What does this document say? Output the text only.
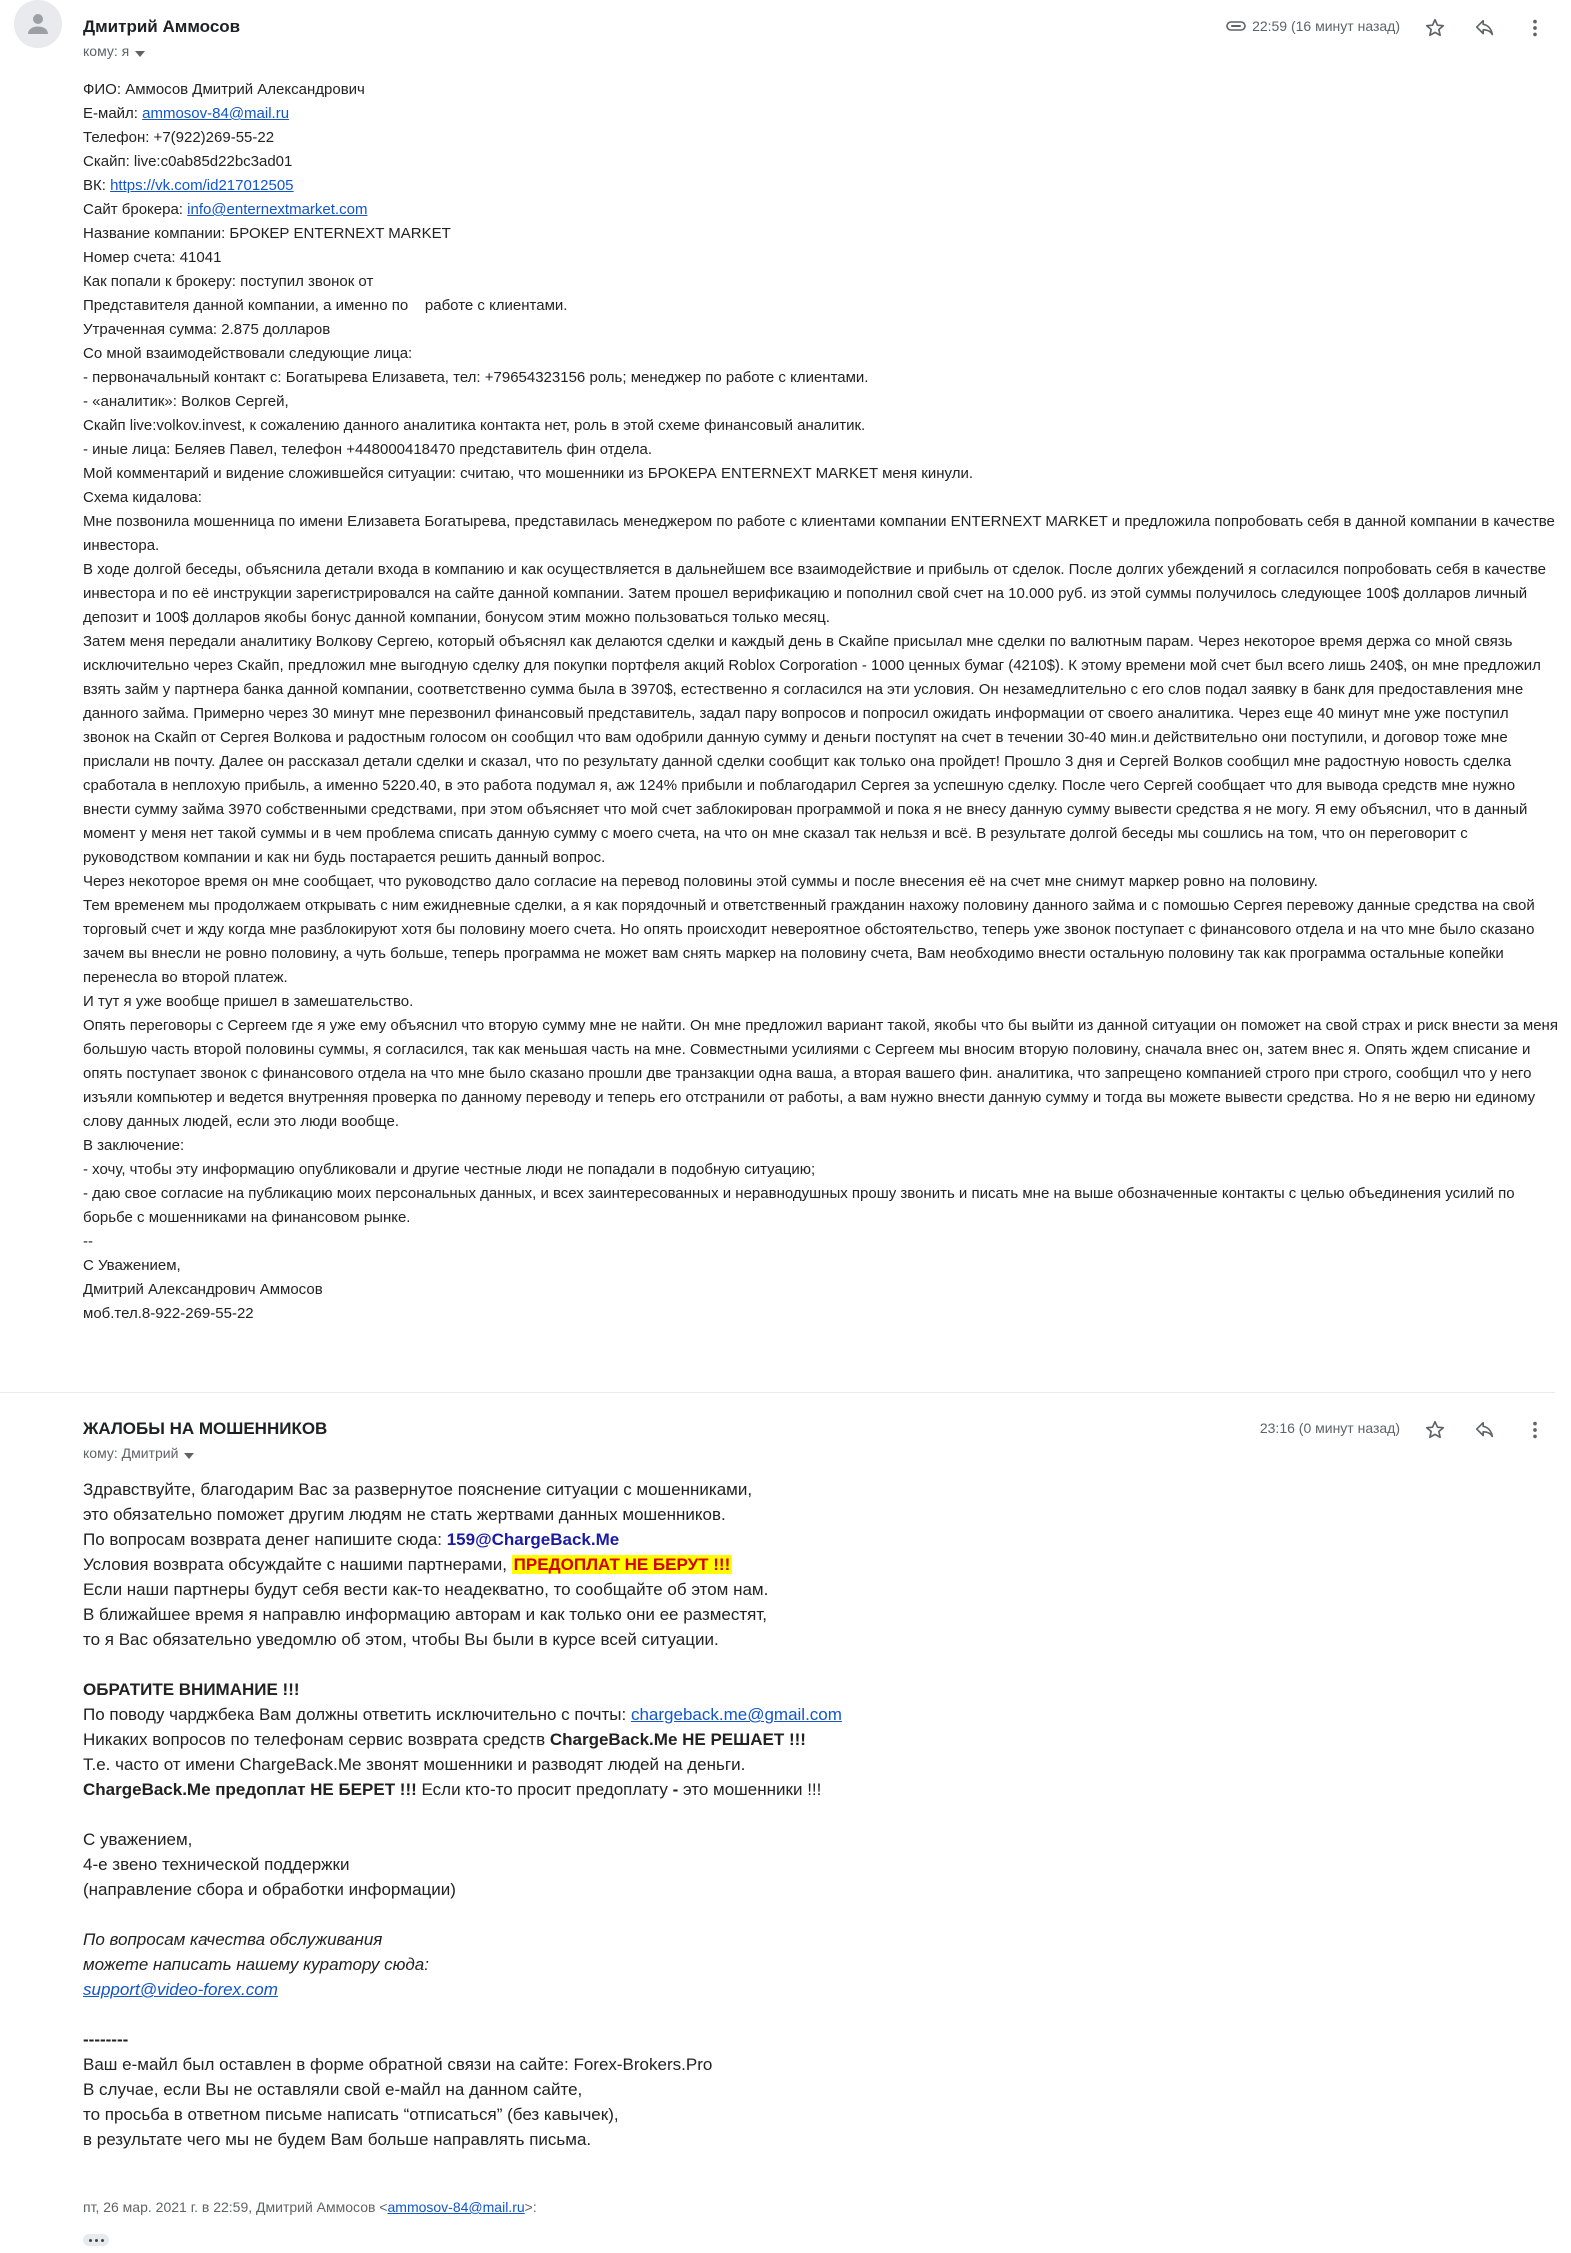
Дмитрий Аммосов
кому: я
22:59 (16 минут назад)

ФИО: Аммосов Дмитрий Александрович

Е-майл: ammosov-84@mail.ru

Телефон: +7(922)269-55-22

Скайп: live:c0ab85d22bc3ad01

ВК: https://vk.com/id217012505

Сайт брокера: info@enternextmarket.com

Название компании: БРОКЕР ENTERNEXT MARKET

Номер счета: 41041

Как попали к брокеру: поступил звонок от

Представителя данной компании, а именно по    работе с клиентами.

Утраченная сумма: 2.875 долларов

Со мной взаимодействовали следующие лица:

- первоначальный контакт с: Богатырева Елизавета, тел: +79654323156 роль; менеджер по работе с клиентами.

- «аналитик»: Волков Сергей,

Скайп live:volkov.invest, к сожалению данного аналитика контакта нет, роль в этой схеме финансовый аналитик.

- иные лица: Беляев Павел, телефон +448000418470 представитель фин отдела.

Мой комментарий и видение сложившейся ситуации: считаю, что мошенники из БРОКЕРА ENTERNEXT MARKET меня кинули.

Схема кидалова:

Мне позвонила мошенница по имени Елизавета Богатырева, представилась менеджером по работе с клиентами компании ENTERNEXT MARKET и предложила попробовать себя в данной компании в качестве инвестора.

В ходе долгой беседы, объяснила детали входа в компанию и как осуществляется в дальнейшем все взаимодействие и прибыль от сделок. После долгих убеждений я согласился попробовать себя в качестве инвестора и по её инструкции зарегистрировался на сайте данной компании. Затем прошел верификацию и пополнил свой счет на 10.000 руб. из этой суммы получилось следующее 100$ долларов личный депозит и 100$ долларов якобы бонус данной компании, бонусом этим можно пользоваться только месяц.

Затем меня передали аналитику Волкову Сергею, который объяснял как делаются сделки и каждый день в Скайпе присылал мне сделки по валютным парам. Через некоторое время держа со мной связь исключительно через Скайп, предложил мне выгодную сделку для покупки портфеля акций Roblox Corporation - 1000 ценных бумаг (4210$). К этому времени мой счет был всего лишь 240$, он мне предложил взять займ у партнера банка данной компании, соответственно сумма была в 3970$, естественно я согласился на эти условия. Он незамедлительно с его слов подал заявку в банк для предоставления мне данного займа. Примерно через 30 минут мне перезвонил финансовый представитель, задал пару вопросов и попросил ожидать информации от своего аналитика. Через еще 40 минут мне уже поступил звонок на Скайп от Сергея Волкова и радостным голосом он сообщил что вам одобрили данную сумму и деньги поступят на счет в течении 30-40 мин.и действительно они поступили, и договор тоже мне прислали нв почту. Далее он рассказал детали сделки и сказал, что по результату данной сделки сообщит как только она пройдет! Прошло 3 дня и Сергей Волков сообщил мне радостную новость сделка сработала в неплохую прибыль, а именно 5220.40, в это работа подумал я, аж 124% прибыли и поблагодарил Сергея за успешную сделку. После чего Сергей сообщает что для вывода средств мне нужно внести сумму займа 3970 собственными средствами, при этом объясняет что мой счет заблокирован программой и пока я не внесу данную сумму вывести средства я не могу. Я ему объяснил, что в данный момент у меня нет такой суммы и в чем проблема списать данную сумму с моего счета, на что он мне сказал так нельзя и всё. В результате долгой беседы мы сошлись на том, что он переговорит с руководством компании и как ни будь постарается решить данный вопрос.

Через некоторое время он мне сообщает, что руководство дало согласие на перевод половины этой суммы и после внесения её на счет мне снимут маркер ровно на половину.

Тем временем мы продолжаем открывать с ним ежидневные сделки, а я как порядочный и ответственный гражданин нахожу половину данного займа и с помошью Сергея перевожу данные средства на свой торговый счет и жду когда мне разблокируют хотя бы половину моего счета. Но опять происходит невероятное обстоятельство, теперь уже звонок поступает с финансового отдела и на что мне было сказано зачем вы внесли не ровно половину, а чуть больше, теперь программа не может вам снять маркер на половину счета, Вам необходимо внести остальную половину так как программа остальные копейки перенесла во второй платеж.

И тут я уже вообще пришел в замешательство.

Опять переговоры с Сергеем где я уже ему объяснил что вторую сумму мне не найти. Он мне предложил вариант такой, якобы что бы выйти из данной ситуации он поможет на свой страх и риск внести за меня большую часть второй половины суммы, я согласился, так как меньшая часть на мне. Совместными усилиями с Сергеем мы вносим вторую половину, сначала внес он, затем внес я. Опять ждем списание и опять поступает звонок с финансового отдела на что мне было сказано прошли две транзакции одна ваша, а вторая вашего фин. аналитика, что запрещено компанией строго при строго, сообщил что у него изъяли компьютер и ведется внутренняя проверка по данному переводу и теперь его отстранили от работы, а вам нужно внести данную сумму и тогда вы можете вывести средства. Но я не верю ни единому слову данных людей, если это люди вообще.

В заключение:

- хочу, чтобы эту информацию опубликовали и другие честные люди не попадали в подобную ситуацию;

- даю свое согласие на публикацию моих персональных данных, и всех заинтересованных и неравнодушных прошу звонить и писать мне на выше обозначенные контакты с целью объединения усилий по борьбе с мошенниками на финансовом рынке.

--

С Уважением,

Дмитрий Александрович Аммосов

моб.тел.8-922-269-55-22

ЖАЛОБЫ НА МОШЕННИКОВ
кому: Дмитрий
23:16 (0 минут назад)

Здравствуйте, благодарим Вас за развернутое пояснение ситуации с мошенниками,

это обязательно поможет другим людям не стать жертвами данных мошенников.

По вопросам возврата денег напишите сюда: 159@ChargeBack.Me

Условия возврата обсуждайте с нашими партнерами, ПРЕДОПЛАТ НЕ БЕРУТ !!!

Если наши партнеры будут себя вести как-то неадекватно, то сообщайте об этом нам.

В ближайшее время я направлю информацию авторам и как только они ее разместят,

то я Вас обязательно уведомлю об этом, чтобы Вы были в курсе всей ситуации.

ОБРАТИТЕ ВНИМАНИЕ !!!

По поводу чарджбека Вам должны ответить исключительно с почты: chargeback.me@gmail.com

Никаких вопросов по телефонам сервис возврата средств ChargeBack.Me НЕ РЕШАЕТ !!!

Т.е. часто от имени ChargeBack.Me звонят мошенники и разводят людей на деньги.

ChargeBack.Me предоплат НЕ БЕРЕТ !!! Если кто-то просит предоплату - это мошенники !!!

С уважением,

4-е звено технической поддержки

(направление сбора и обработки информации)

По вопросам качества обслуживания

можете написать нашему куратору сюда:

support@video-forex.com

--------

Ваш е-майл был оставлен в форме обратной связи на сайте: Forex-Brokers.Pro

В случае, если Вы не оставляли свой е-майл на данном сайте,

то просьба в ответном письме написать “отписаться” (без кавычек),

в результате чего мы не будем Вам больше направлять письма.

пт, 26 мар. 2021 г. в 22:59, Дмитрий Аммосов <ammosov-84@mail.ru>:
